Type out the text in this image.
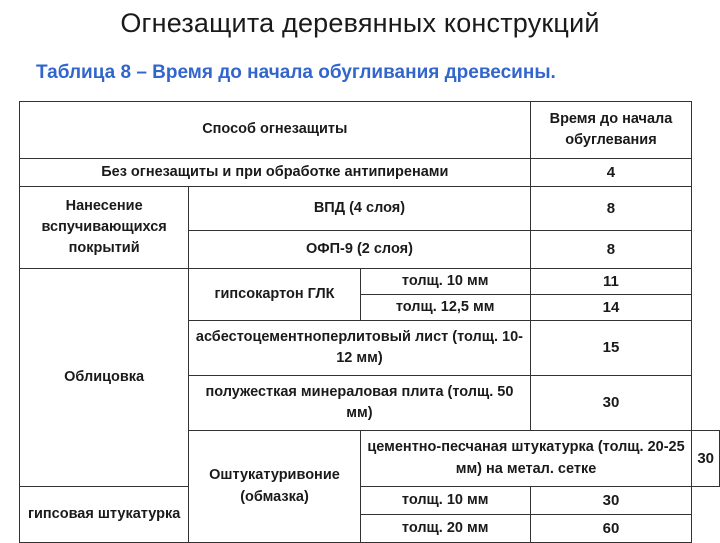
Огнезащита деревянных конструкций
Таблица 8 – Время до начала обугливания древесины.
Способ огнезащиты			Время до начала обуглевания	
Без огнезащиты и при обработке антипиренами			4	
Нанесение вспучивающихся покрытий	ВПД (4 слоя)		8	
	ОФП-9 (2 слоя)		8	
Облицовка	гипсокартон ГЛК	толщ. 10 мм	11	
		толщ. 12,5 мм	14	
	асбестоцементноперлитовый лист (толщ. 10-12 мм)		15	
	полужесткая минераловая плита (толщ. 50 мм)		30	
	Оштукатуривоние (обмазка)	цементно-песчаная штукатурка (толщ. 20-25 мм) на метал. сетке		30
гипсовая штукатурка		толщ. 10 мм	30	
		толщ. 20 мм	60	
